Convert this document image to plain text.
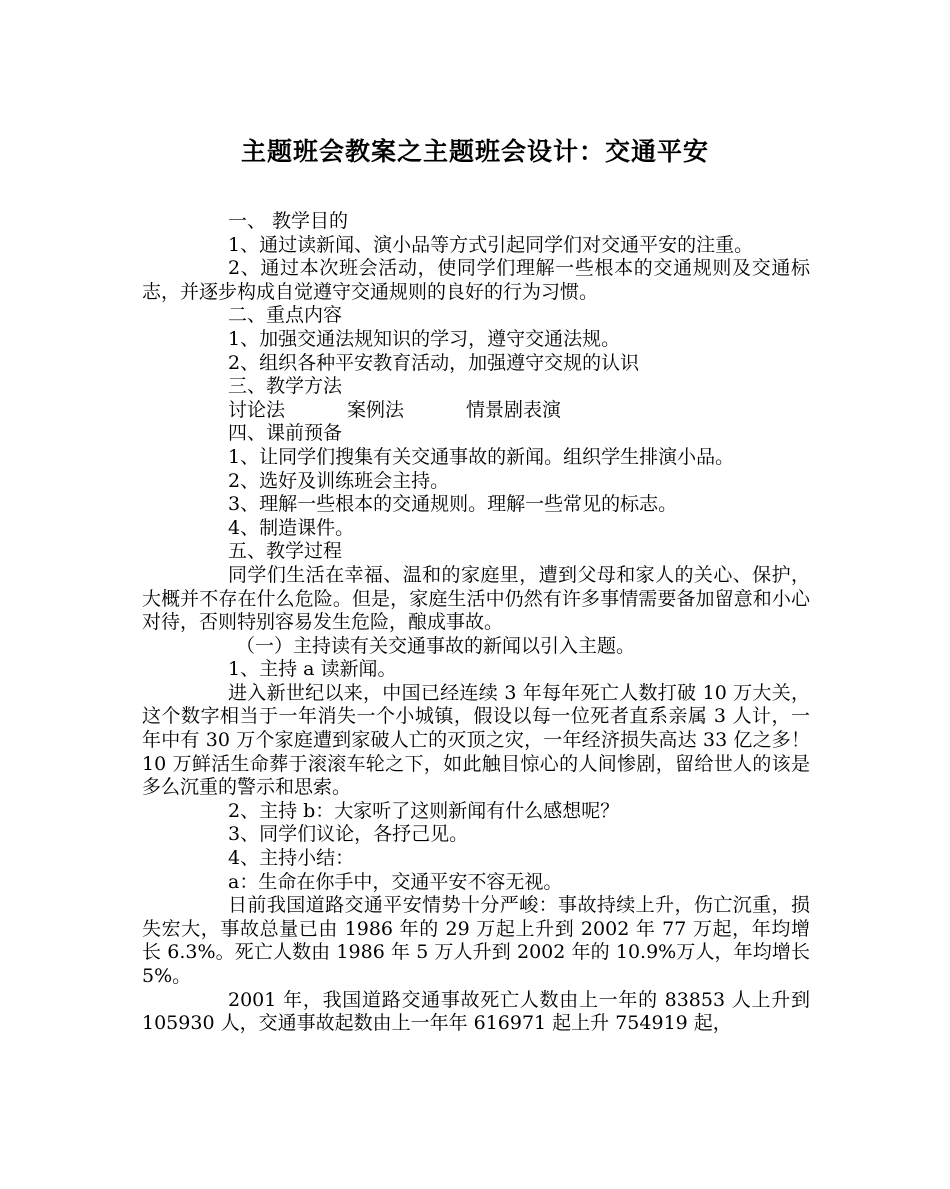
主题班会教案之主题班会设计：交通平安

一、 教学目的

1、通过读新闻、演小品等方式引起同学们对交通平安的注重。

2、通过本次班会活动，使同学们理解一些根本的交通规则及交通标志，并逐步构成自觉遵守交通规则的良好的行为习惯。

二、重点内容

1、加强交通法规知识的学习，遵守交通法规。

2、组织各种平安教育活动，加强遵守交规的认识

三、教学方法

讨论法	案例法	情景剧表演

四、课前预备

1、让同学们搜集有关交通事故的新闻。组织学生排演小品。

2、选好及训练班会主持。

3、理解一些根本的交通规则。理解一些常见的标志。

4、制造课件。

五、教学过程

同学们生活在幸福、温和的家庭里，遭到父母和家人的关心、保护，大概并不存在什么危险。但是，家庭生活中仍然有许多事情需要备加留意和小心对待，否则特别容易发生危险，酿成事故。

（一）主持读有关交通事故的新闻以引入主题。

1、主持 a 读新闻。

进入新世纪以来，中国已经连续 3 年每年死亡人数打破 10 万大关，这个数字相当于一年消失一个小城镇，假设以每一位死者直系亲属 3 人计，一年中有 30 万个家庭遭到家破人亡的灭顶之灾，一年经济损失高达 33 亿之多！10 万鲜活生命葬于滚滚车轮之下，如此触目惊心的人间惨剧，留给世人的该是多么沉重的警示和思索。

2、主持 b：大家听了这则新闻有什么感想呢？

3、同学们议论，各抒己见。

4、主持小结：

a：生命在你手中，交通平安不容无视。

日前我国道路交通平安情势十分严峻：事故持续上升，伤亡沉重，损失宏大，事故总量已由 1986 年的 29 万起上升到 2002 年 77 万起，年均增长 6.3%。死亡人数由 1986 年 5 万人升到 2002 年的 10.9%万人，年均增长 5%。

2001 年，我国道路交通事故死亡人数由上一年的 83853 人上升到 105930 人，交通事故起数由上一年年 616971 起上升 754919 起，
